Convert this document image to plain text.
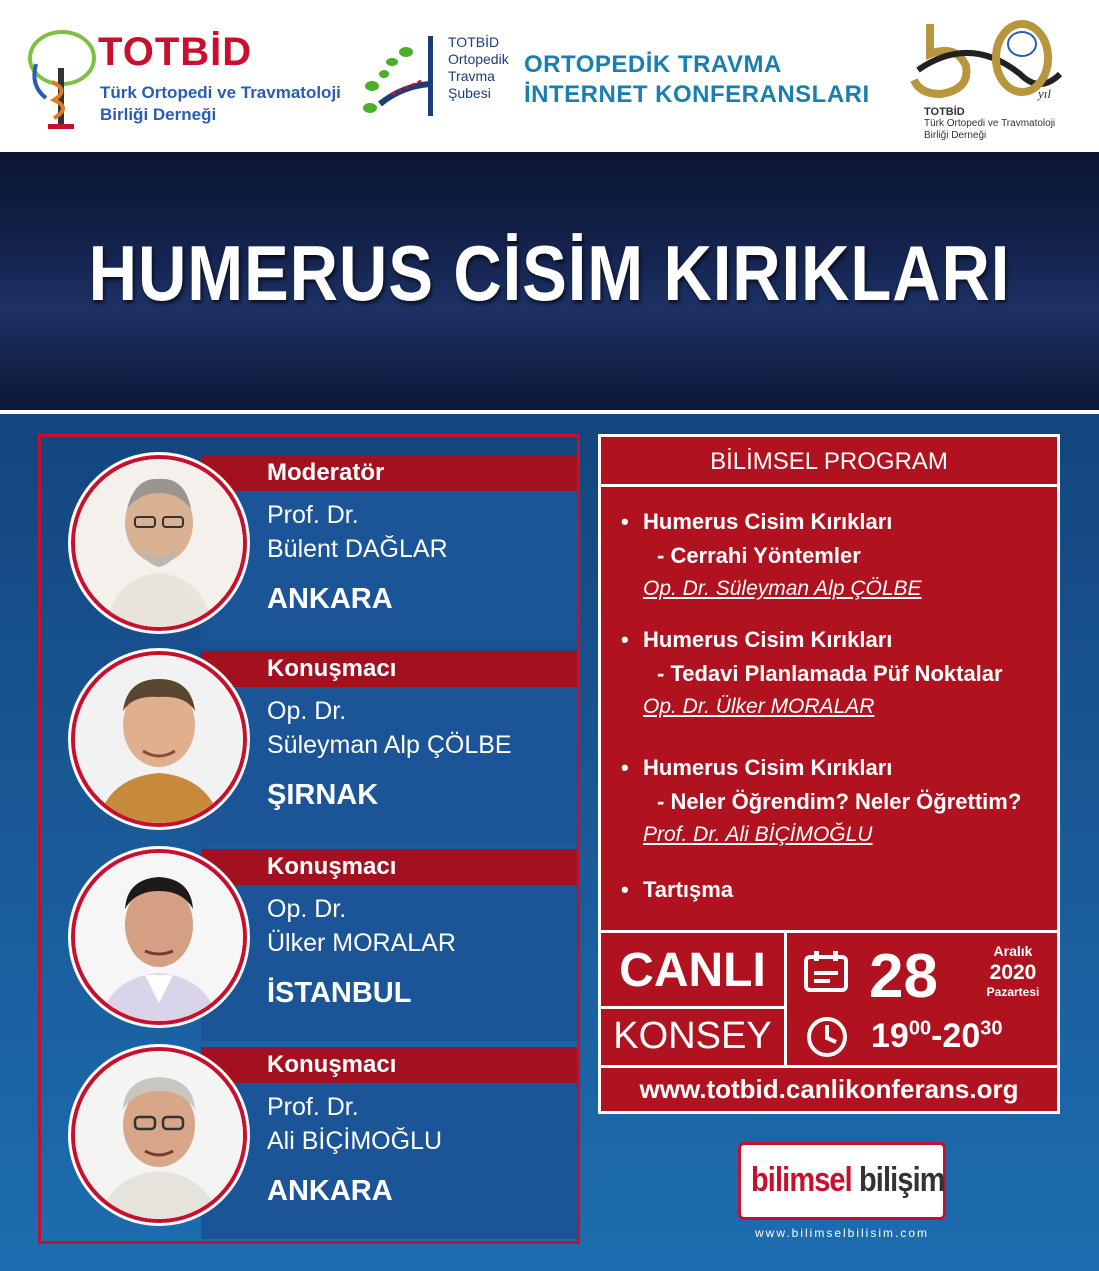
TOTBİD
Türk Ortopedi ve Travmatoloji
Birliği Derneği
TOTBİD
Ortopedik
Travma
Şubesi
ORTOPEDİK TRAVMA
İNTERNET KONFERANSLARI	yıl
TOTBİD
Türk Ortopedi ve Travmatoloji
Birliği Derneği
HUMERUS CİSİM KIRIKLARI
Moderatör
Prof. Dr.
Bülent DAĞLAR
ANKARA
Konuşmacı
Op. Dr.
Süleyman Alp ÇÖLBE
ŞIRNAK
Konuşmacı
Op. Dr.
Ülker MORALAR
İSTANBUL
Konuşmacı
Prof. Dr.
Ali BİÇİMOĞLU
ANKARA
BİLİMSEL PROGRAM
• Humerus Cisim Kırıkları
- Cerrahi Yöntemler
Op. Dr. Süleyman Alp ÇÖLBE
• Humerus Cisim Kırıkları
- Tedavi Planlamada Püf Noktalar
Op. Dr. Ülker MORALAR
• Humerus Cisim Kırıkları
- Neler Öğrendim? Neler Öğrettim?
Prof. Dr. Ali BİÇİMOĞLU
• Tartışma
CANLI
KONSEY
28	Aralık
2020
Pazartesi
$19^{00}-20^{30}$
www.totbid.canlikonferans.org
bilimsel bilişim
www.bilimselbilisim.com
